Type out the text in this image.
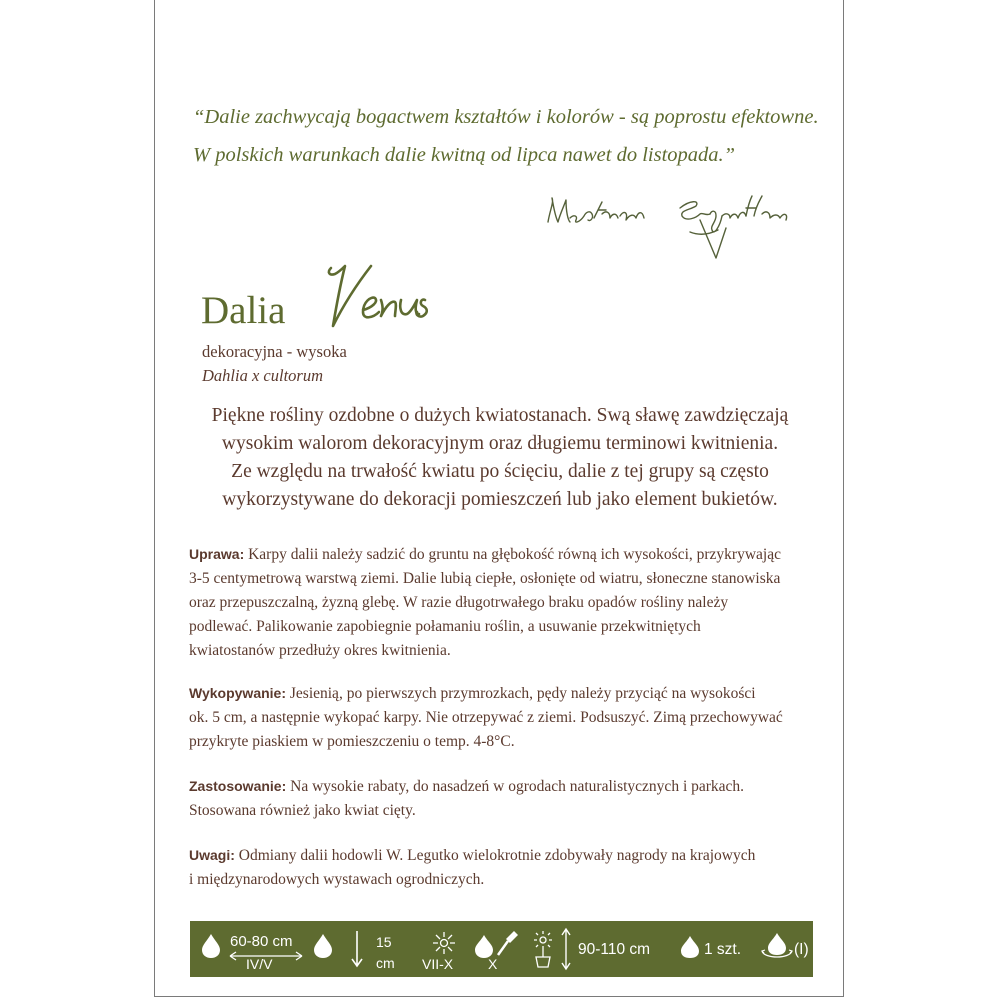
“Dalie zachwycają bogactwem kształtów i kolorów - są poprostu efektowne.
W polskich warunkach dalie kwitną od lipca nawet do listopada.”
Dalia
dekoracyjna - wysoka
Dahlia x cultorum
Piękne rośliny ozdobne o dużych kwiatostanach. Swą sławę zawdzięczają
wysokim walorom dekoracyjnym oraz długiemu terminowi kwitnienia.
Ze względu na trwałość kwiatu po ścięciu, dalie z tej grupy są często
wykorzystywane do dekoracji pomieszczeń lub jako element bukietów.
Uprawa: Karpy dalii należy sadzić do gruntu na głębokość równą ich wysokości, przykrywając
3-5 centymetrową warstwą ziemi. Dalie lubią ciepłe, osłonięte od wiatru, słoneczne stanowiska
oraz przepuszczalną, żyzną glebę. W razie długotrwałego braku opadów rośliny należy
podlewać. Palikowanie zapobiegnie połamaniu roślin, a usuwanie przekwitniętych
kwiatostanów przedłuży okres kwitnienia.
Wykopywanie: Jesienią, po pierwszych przymrozkach, pędy należy przyciąć na wysokości
ok. 5 cm, a następnie wykopać karpy. Nie otrzepywać z ziemi. Podsuszyć. Zimą przechowywać
przykryte piaskiem w pomieszczeniu o temp. 4-8°C.
Zastosowanie: Na wysokie rabaty, do nasadzeń w ogrodach naturalistycznych i parkach.
Stosowana również jako kwiat cięty.
Uwagi: Odmiany dalii hodowli W. Legutko wielokrotnie zdobywały nagrody na krajowych
i międzynarodowych wystawach ogrodniczych.
60-80 cm
IV/V
15
cm VII-X X
90-110 cm	1 szt.	(I)
